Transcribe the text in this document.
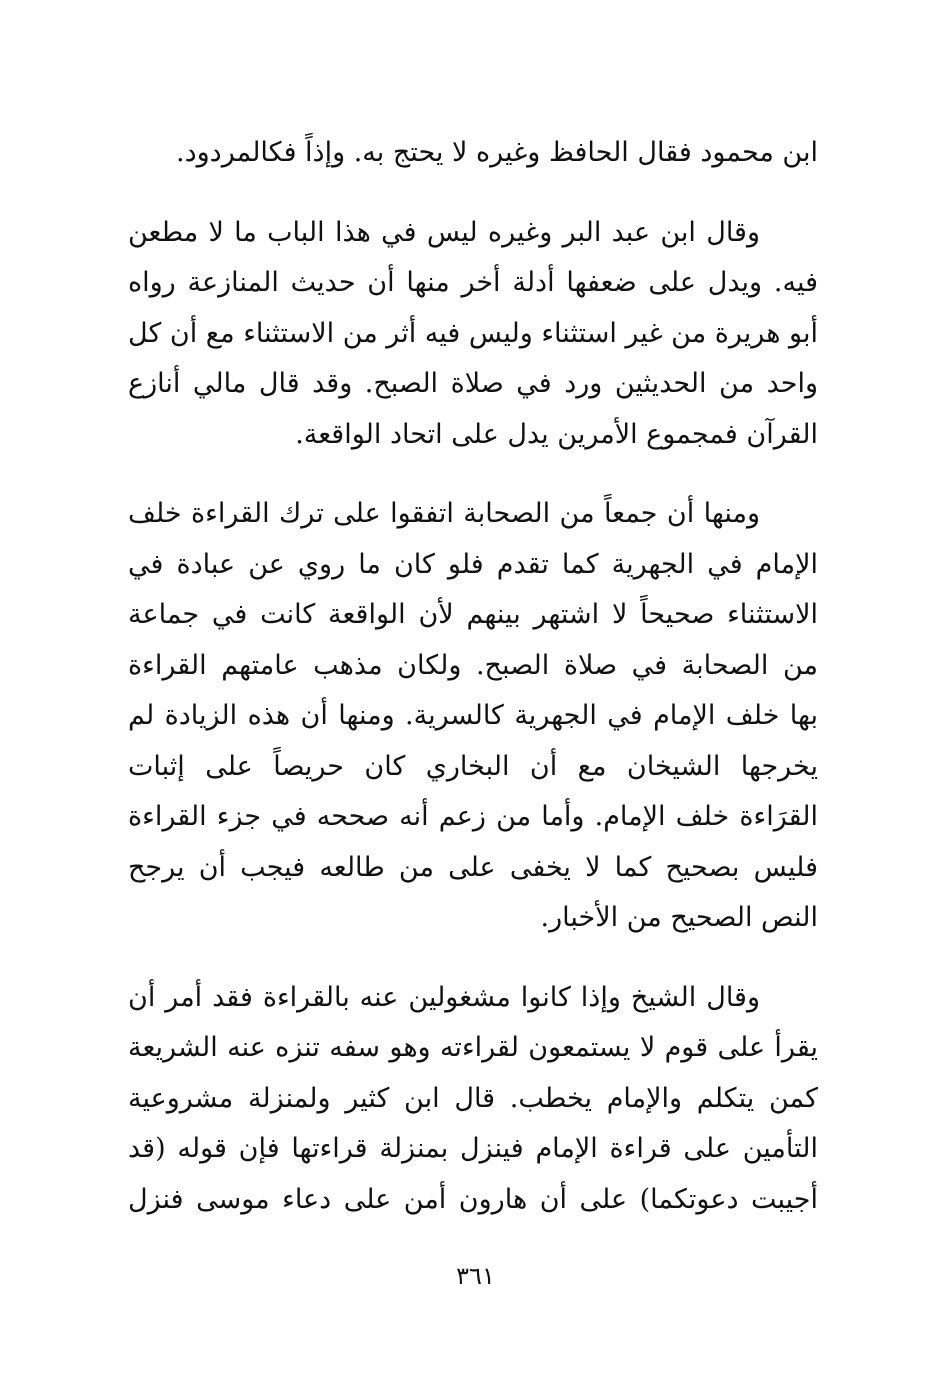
ابن محمود فقال الحافظ وغيره لا يحتج به. وإذاً فكالمردود.

وقال ابن عبد البر وغيره ليس في هذا الباب ما لا مطعن
فيه. ويدل على ضعفها أدلة أخر منها أن حديث المنازعة رواه
أبو هريرة من غير استثناء وليس فيه أثر من الاستثناء مع أن كل
واحد من الحديثين ورد في صلاة الصبح. وقد قال مالي أنازع
القرآن فمجموع الأمرين يدل على اتحاد الواقعة.

ومنها أن جمعاً من الصحابة اتفقوا على ترك القراءة خلف
الإمام في الجهرية كما تقدم فلو كان ما روي عن عبادة في
الاستثناء صحيحاً لا اشتهر بينهم لأن الواقعة كانت في جماعة
من الصحابة في صلاة الصبح. ولكان مذهب عامتهم القراءة
بها خلف الإمام في الجهرية كالسرية. ومنها أن هذه الزيادة لم
يخرجها الشيخان مع أن البخاري كان حريصاً على إثبات
القرَاءة خلف الإمام. وأما من زعم أنه صححه في جزء القراءة
فليس بصحيح كما لا يخفى على من طالعه فيجب أن يرجح
النص الصحيح من الأخبار.

وقال الشيخ وإذا كانوا مشغولين عنه بالقراءة فقد أمر أن
يقرأ على قوم لا يستمعون لقراءته وهو سفه تنزه عنه الشريعة
كمن يتكلم والإمام يخطب. قال ابن كثير ولمنزلة مشروعية
التأمين على قراءة الإمام فينزل بمنزلة قراءتها فإن قوله (قد
أجيبت دعوتكما) على أن هارون أمن على دعاء موسى فنزل

٣٦١
